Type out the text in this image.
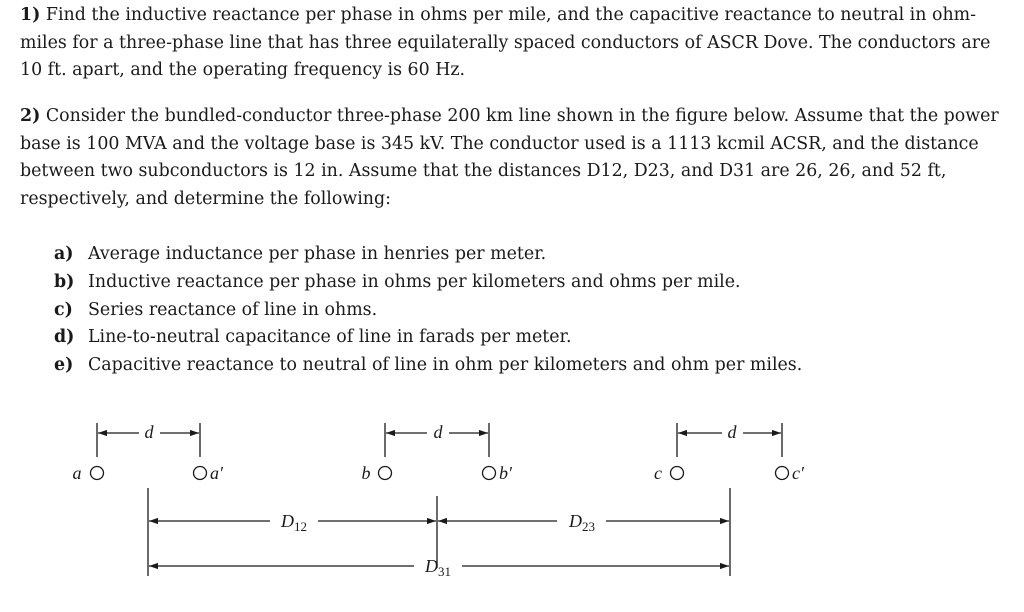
1) Find the inductive reactance per phase in ohms per mile, and the capacitive reactance to neutral in ohm-miles for a three-phase line that has three equilaterally spaced conductors of ASCR Dove. The conductors are 10 ft. apart, and the operating frequency is 60 Hz.

2) Consider the bundled-conductor three-phase 200 km line shown in the figure below. Assume that the power base is 100 MVA and the voltage base is 345 kV. The conductor used is a 1113 kcmil ACSR, and the distance between two subconductors is 12 in. Assume that the distances D12, D23, and D31 are 26, 26, and 52 ft, respectively, and determine the following:

a) Average inductance per phase in henries per meter.
b) Inductive reactance per phase in ohms per kilometers and ohms per mile.
c) Series reactance of line in ohms.
d) Line-to-neutral capacitance of line in farads per meter.
e) Capacitive reactance to neutral of line in ohm per kilometers and ohm per miles.
d	d	d
a	a′	b	b′	c	c′
$D_{12}$	$D_{23}$
$D_{31}$
